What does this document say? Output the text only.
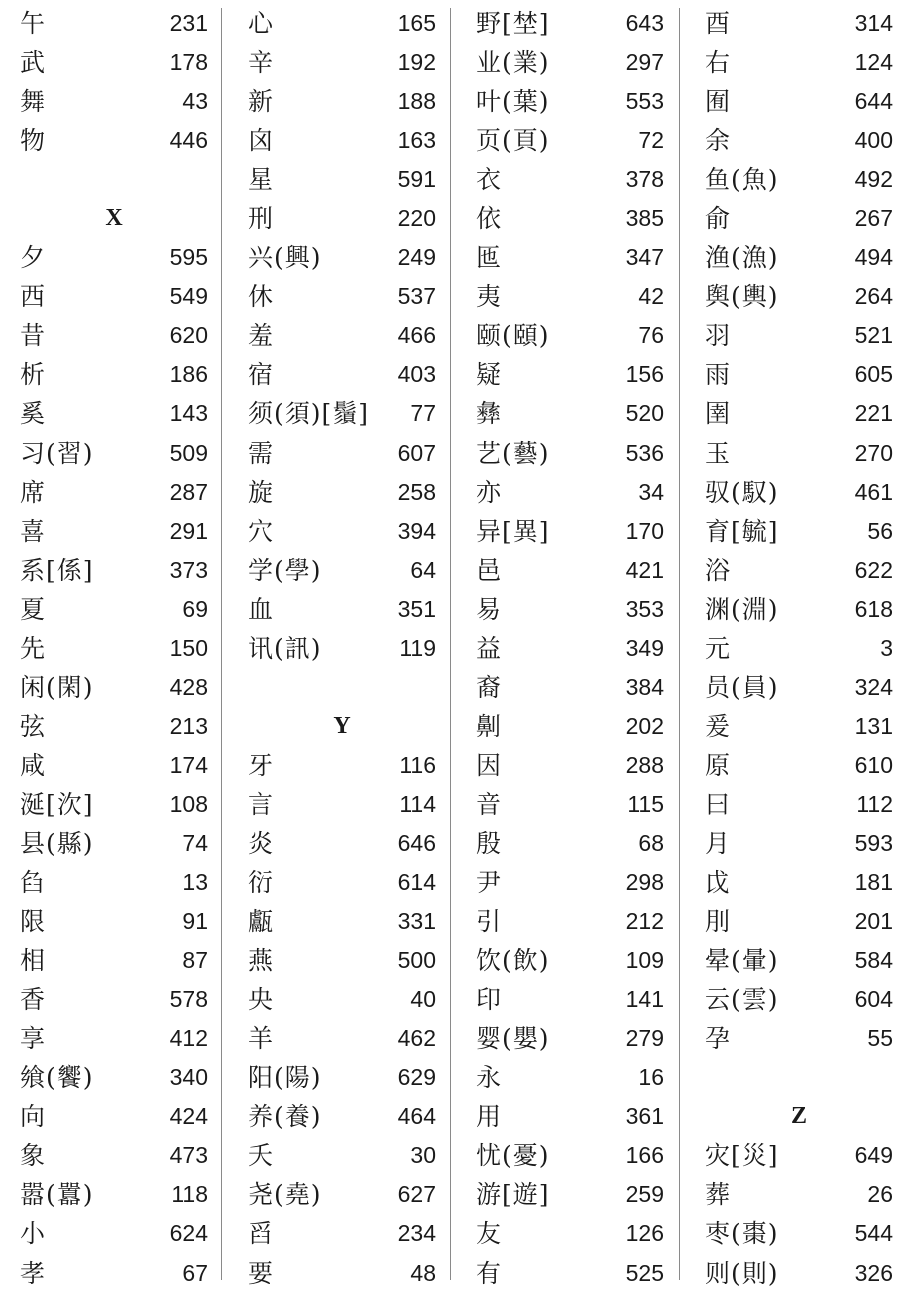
午	231
武	178
舞	43
物	446
X
夕	595
西	549
昔	620
析	186
奚	143
习(習)	509
席	287
喜	291
系[係]	373
夏	69
先	150
闲(閑)	428
弦	213
咸	174
涎[㳄]	108
县(縣)	74
臽	13
限	91
相	87
香	578
享	412
飨(饗)	340
向	424
象	473
嚣(囂)	118
小	624
孝	67
心	165
辛	192
新	188
囟	163
星	591
刑	220
兴(興)	249
休	537
羞	466
宿	403
须(須)[鬚] 77
需	607
旋	258
穴	394
学(學)	64
血	351
讯(訊)	119
Y
牙	116
言	114
炎	646
衍	614
甗	331
燕	500
央	40
羊	462
阳(陽)	629
养(養)	464
夭	30
尧(堯)	627
舀	234
要	48
野[埜]	643
业(業)	297
叶(葉)	553
页(頁)	72
衣	378
依	385
匜	347
夷	42
颐(頤)	76
疑	156
彝	520
艺(藝)	536
亦	34
异[異]	170
邑	421
易	353
益	349
裔	384
劓	202
因	288
音	115
殷	68
尹	298
引	212
饮(飲)	109
印	141
婴(嬰)	279
永	16
用	361
忧(憂)	166
游[遊]	259
友	126
有	525
酉	314
右	124
囿	644
余	400
鱼(魚)	492
俞	267
渔(漁)	494
舆(輿)	264
羽	521
雨	605
圉	221
玉	270
驭(馭)	461
育[毓]	56
浴	622
渊(淵)	618
元	3
员(員)	324
爰	131
原	610
曰	112
月	593
戉	181
刖	201
晕(暈)	584
云(雲)	604
孕	55
Z
灾[災]	649
葬	26
枣(棗)	544
则(則)	326
